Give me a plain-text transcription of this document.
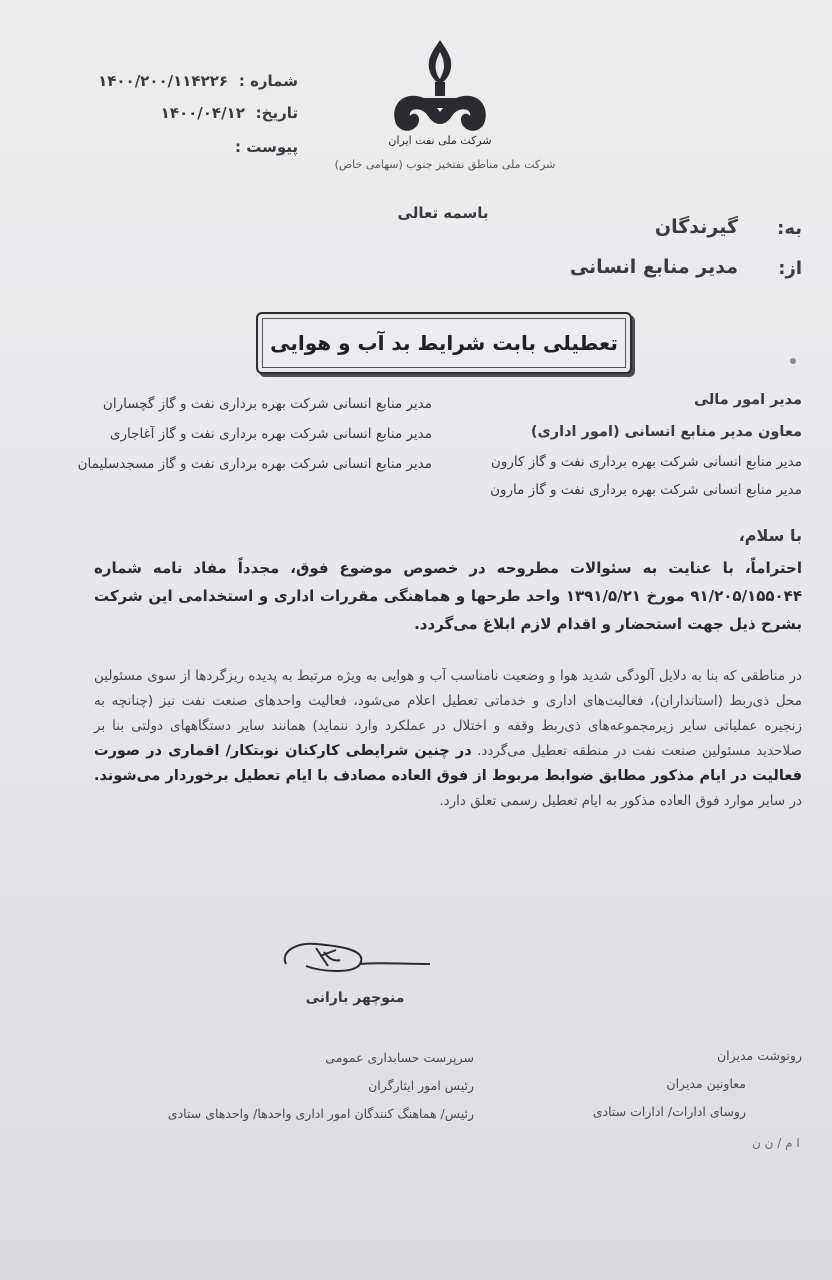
شماره : ۱۴۰۰/۲۰۰/۱۱۴۲۲۶
تاریخ: ۱۴۰۰/۰۴/۱۲
پیوست :	شرکت ملی نفت ایران
شرکت ملی مناطق نفتخیز جنوب (سهامی خاص)
باسمه تعالی
به:
گیرندگان
از:
مدیر منابع انسانی
تعطیلی بابت شرایط بد آب و هوایی
مدیر امور مالی
معاون مدیر منابع انسانی (امور اداری)
مدیر منابع انسانی شرکت بهره برداری نفت و گاز کارون
مدیر منابع انسانی شرکت بهره برداری نفت و گاز مارون
مدیر منابع انسانی شرکت بهره برداری نفت و گاز گچساران
مدیر منابع انسانی شرکت بهره برداری نفت و گاز آغاجاری
مدیر منابع انسانی شرکت بهره برداری نفت و گاز مسجدسلیمان
با سلام،
احتراماً، با عنایت به سئوالات مطروحه در خصوص موضوع فوق، مجدداً مفاد نامه شماره ۹۱/۲۰۵/۱۵۵۰۴۴ مورخ ۱۳۹۱/۵/۲۱ واحد طرحها و هماهنگی مقررات اداری و استخدامی این شرکت بشرح ذیل جهت استحضار و اقدام لازم ابلاغ می‌گردد.
در مناطقی که بنا به دلایل آلودگی شدید هوا و وضعیت نامناسب آب و هوایی به ویژه مرتبط به پدیده ریزگردها از سوی مسئولین محل ذی‌ربط (استانداران)، فعالیت‌های اداری و خدماتی تعطیل اعلام می‌شود، فعالیت واحدهای صنعت نفت نیز (چنانچه به زنجیره عملیاتی سایر زیرمجموعه‌های ذی‌ربط وقفه و اختلال در عملکرد وارد ننماید) همانند سایر دستگاههای دولتی بنا بر صلاحدید مسئولین صنعت نفت در منطقه تعطیل می‌گردد. در چنین شرایطی کارکنان نوبتکار/ اقماری در صورت فعالیت در ایام مذکور مطابق ضوابط مربوط از فوق العاده مصادف با ایام تعطیل برخوردار می‌شوند. در سایر موارد فوق العاده مذکور به ایام تعطیل رسمی تعلق دارد.
منوچهر بارانی
رونوشت مدیران
معاونین مدیران
روسای ادارات/ ادارات ستادی
سرپرست حسابداری عمومی
رئیس امور ایثارگران
رئیس/ هماهنگ کنندگان امور اداری واحدها/ واحدهای ستادی
ا م / ن ن
